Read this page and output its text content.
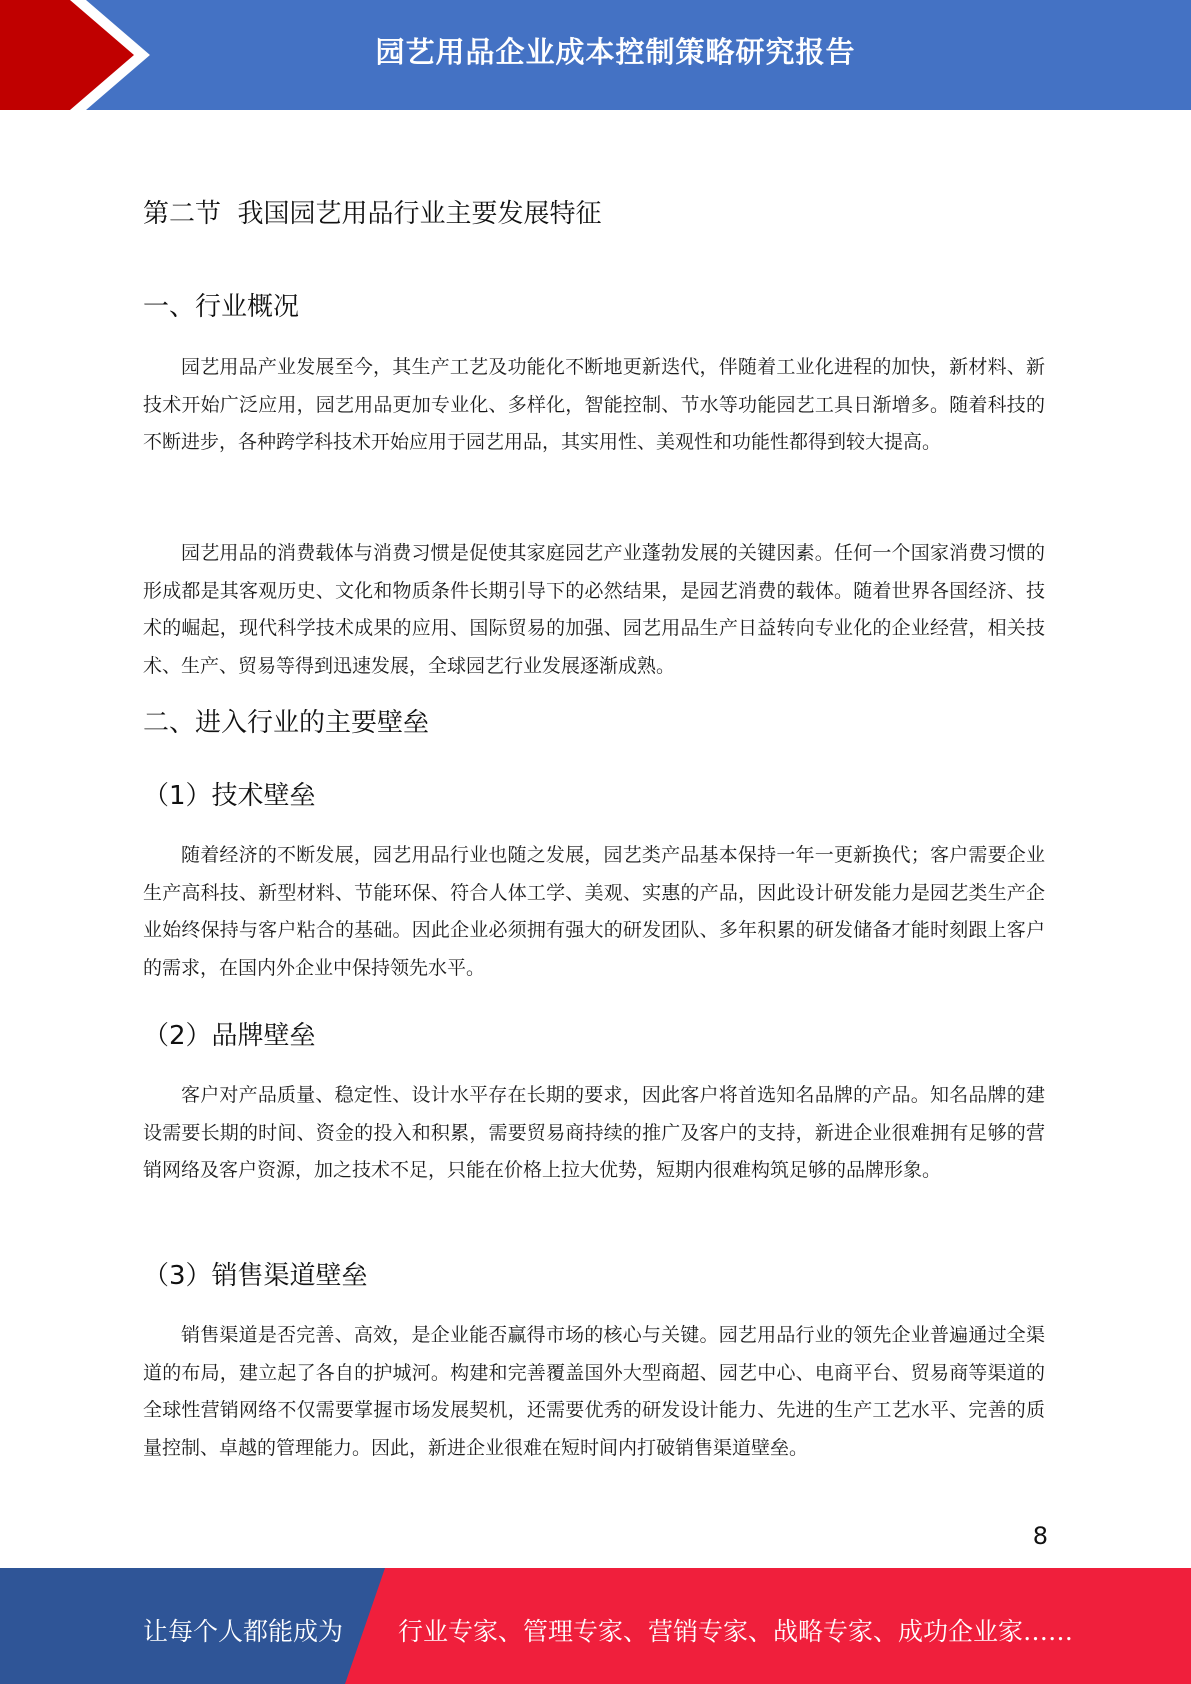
园艺用品企业成本控制策略研究报告
第二节  我国园艺用品行业主要发展特征
一、行业概况

园艺用品产业发展至今，其生产工艺及功能化不断地更新迭代，伴随着工业化进程的加快，新材料、新技术开始广泛应用，园艺用品更加专业化、多样化，智能控制、节水等功能园艺工具日渐增多。随着科技的不断进步，各种跨学科技术开始应用于园艺用品，其实用性、美观性和功能性都得到较大提高。

园艺用品的消费载体与消费习惯是促使其家庭园艺产业蓬勃发展的关键因素。任何一个国家消费习惯的形成都是其客观历史、文化和物质条件长期引导下的必然结果，是园艺消费的载体。随着世界各国经济、技术的崛起，现代科学技术成果的应用、国际贸易的加强、园艺用品生产日益转向专业化的企业经营，相关技术、生产、贸易等得到迅速发展，全球园艺行业发展逐渐成熟。

二、进入行业的主要壁垒
（1）技术壁垒

随着经济的不断发展，园艺用品行业也随之发展，园艺类产品基本保持一年一更新换代；客户需要企业生产高科技、新型材料、节能环保、符合人体工学、美观、实惠的产品，因此设计研发能力是园艺类生产企业始终保持与客户粘合的基础。因此企业必须拥有强大的研发团队、多年积累的研发储备才能时刻跟上客户的需求，在国内外企业中保持领先水平。

（2）品牌壁垒

客户对产品质量、稳定性、设计水平存在长期的要求，因此客户将首选知名品牌的产品。知名品牌的建设需要长期的时间、资金的投入和积累，需要贸易商持续的推广及客户的支持，新进企业很难拥有足够的营销网络及客户资源，加之技术不足，只能在价格上拉大优势，短期内很难构筑足够的品牌形象。

（3）销售渠道壁垒

销售渠道是否完善、高效，是企业能否赢得市场的核心与关键。园艺用品行业的领先企业普遍通过全渠道的布局，建立起了各自的护城河。构建和完善覆盖国外大型商超、园艺中心、电商平台、贸易商等渠道的全球性营销网络不仅需要掌握市场发展契机，还需要优秀的研发设计能力、先进的生产工艺水平、完善的质量控制、卓越的管理能力。因此，新进企业很难在短时间内打破销售渠道壁垒。

8
让每个人都能成为 行业专家、管理专家、营销专家、战略专家、成功企业家……
